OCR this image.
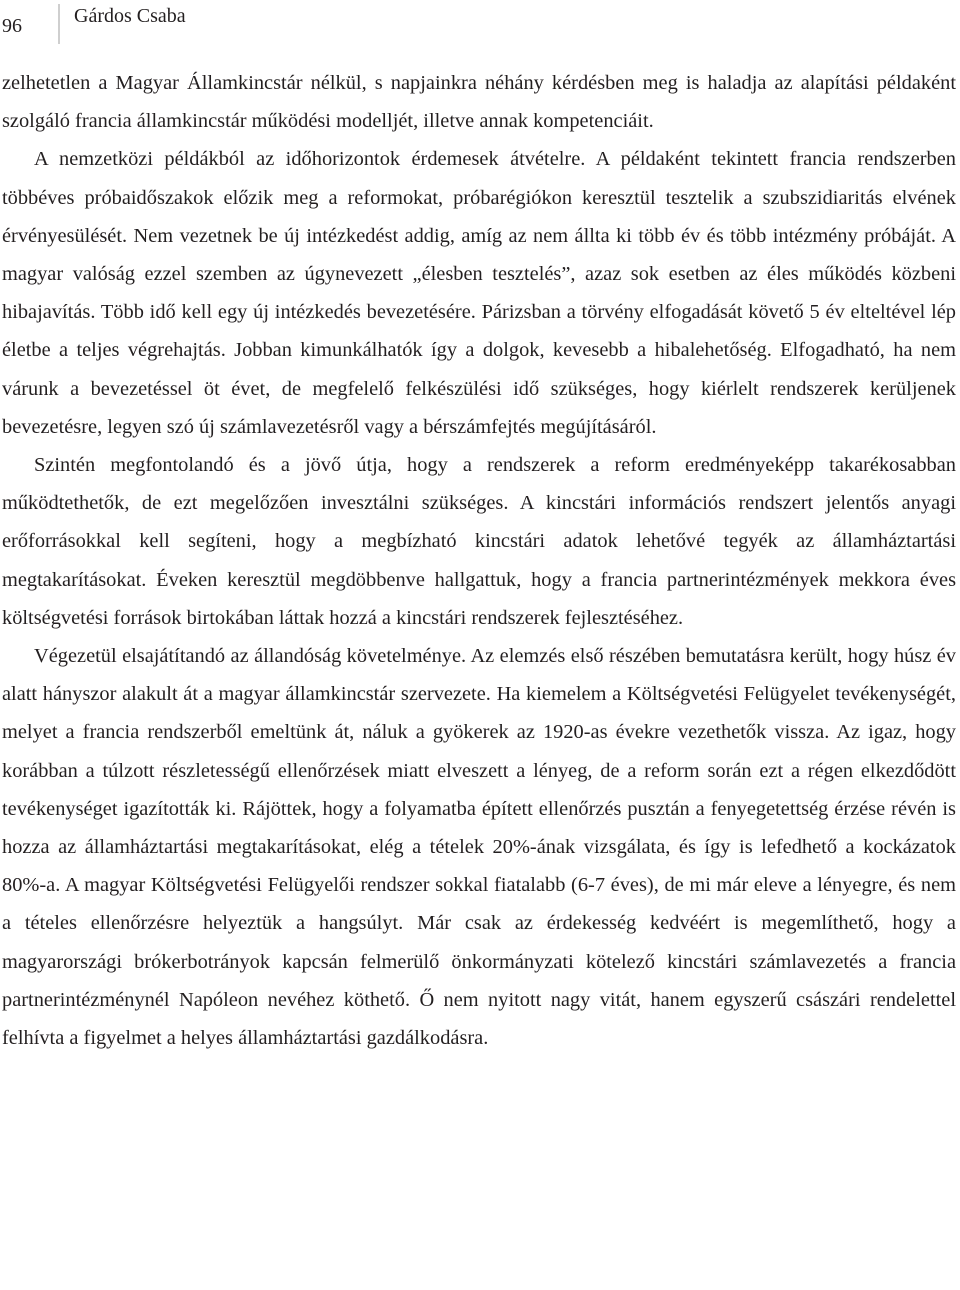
96	Gárdos Csaba

zelhetetlen a Magyar Államkincstár nélkül, s napjainkra néhány kérdésben meg is haladja az alapítási példaként szolgáló francia államkincstár működési modelljét, illetve annak kompetenciáit.

A nemzetközi példákból az időhorizontok érdemesek átvételre. A példaként tekintett francia rendszerben többéves próbaidőszakok előzik meg a reformokat, próbarégiókon keresztül tesztelik a szubszidiaritás elvének érvényesülését. Nem vezetnek be új intézkedést addig, amíg az nem állta ki több év és több intézmény próbáját. A magyar valóság ezzel szemben az úgynevezett „élesben tesztelés”, azaz sok esetben az éles működés közbeni hibajavítás. Több idő kell egy új intézkedés bevezetésére. Párizsban a törvény elfogadását követő 5 év elteltével lép életbe a teljes végrehajtás. Jobban kimunkálhatók így a dolgok, kevesebb a hibalehetőség. Elfogadható, ha nem várunk a bevezetéssel öt évet, de megfelelő felkészülési idő szükséges, hogy kiérlelt rendszerek kerüljenek bevezetésre, legyen szó új számlavezetésről vagy a bérszámfejtés megújításáról.

Szintén megfontolandó és a jövő útja, hogy a rendszerek a reform eredményeképp takarékosabban működtethetők, de ezt megelőzően invesztálni szükséges. A kincstári információs rendszert jelentős anyagi erőforrásokkal kell segíteni, hogy a megbízható kincstári adatok lehetővé tegyék az államháztartási megtakarításokat. Éveken keresztül megdöbbenve hallgattuk, hogy a francia partnerintézmények mekkora éves költségvetési források birtokában láttak hozzá a kincstári rendszerek fejlesztéséhez.

Végezetül elsajátítandó az állandóság követelménye. Az elemzés első részében bemutatásra került, hogy húsz év alatt hányszor alakult át a magyar államkincstár szervezete. Ha kiemelem a Költségvetési Felügyelet tevékenységét, melyet a francia rendszerből emeltünk át, náluk a gyökerek az 1920-as évekre vezethetők vissza. Az igaz, hogy korábban a túlzott részletességű ellenőrzések miatt elveszett a lényeg, de a reform során ezt a régen elkezdődött tevékenységet igazították ki. Rájöttek, hogy a folyamatba épített ellenőrzés pusztán a fenyegetettség érzése révén is hozza az államháztartási megtakarításokat, elég a tételek 20%-ának vizsgálata, és így is lefedhető a kockázatok 80%-a. A magyar Költségvetési Felügyelői rendszer sokkal fiatalabb (6-7 éves), de mi már eleve a lényegre, és nem a tételes ellenőrzésre helyeztük a hangsúlyt. Már csak az érdekesség kedvéért is megemlíthető, hogy a magyarországi brókerbotrányok kapcsán felmerülő önkormányzati kötelező kincstári számlavezetés a francia partnerintézménynél Napóleon nevéhez köthető. Ő nem nyitott nagy vitát, hanem egyszerű császári rendelettel felhívta a figyelmet a helyes államháztartási gazdálkodásra.
